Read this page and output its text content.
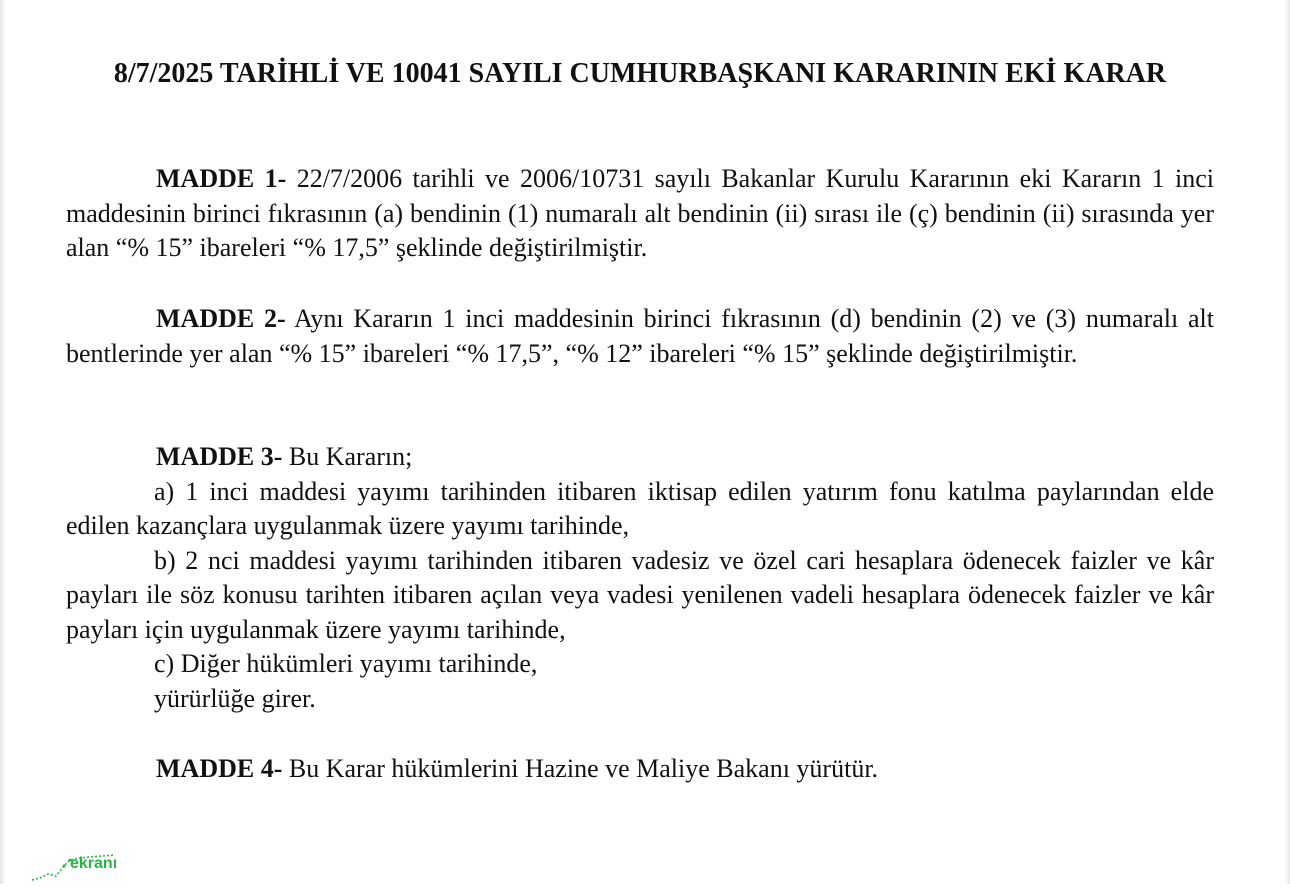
8/7/2025 TARİHLİ VE 10041 SAYILI CUMHURBAŞKANI KARARININ EKİ KARAR

MADDE 1- 22/7/2006 tarihli ve 2006/10731 sayılı Bakanlar Kurulu Kararının eki Kararın 1 inci maddesinin birinci fıkrasının (a) bendinin (1) numaralı alt bendinin (ii) sırası ile (ç) bendinin (ii) sırasında yer alan “% 15” ibareleri “% 17,5” şeklinde değiştirilmiştir.

MADDE 2- Aynı Kararın 1 inci maddesinin birinci fıkrasının (d) bendinin (2) ve (3) numaralı alt bentlerinde yer alan “% 15” ibareleri “% 17,5”, “% 12” ibareleri “% 15” şeklinde değiştirilmiştir.

MADDE 3- Bu Kararın;
a) 1 inci maddesi yayımı tarihinden itibaren iktisap edilen yatırım fonu katılma paylarından elde edilen kazançlara uygulanmak üzere yayımı tarihinde,
b) 2 nci maddesi yayımı tarihinden itibaren vadesiz ve özel cari hesaplara ödenecek faizler ve kâr payları ile söz konusu tarihten itibaren açılan veya vadesi yenilenen vadeli hesaplara ödenecek faizler ve kâr payları için uygulanmak üzere yayımı tarihinde,
c) Diğer hükümleri yayımı tarihinde,
yürürlüğe girer.

MADDE 4- Bu Karar hükümlerini Hazine ve Maliye Bakanı yürütür.

ekranı
